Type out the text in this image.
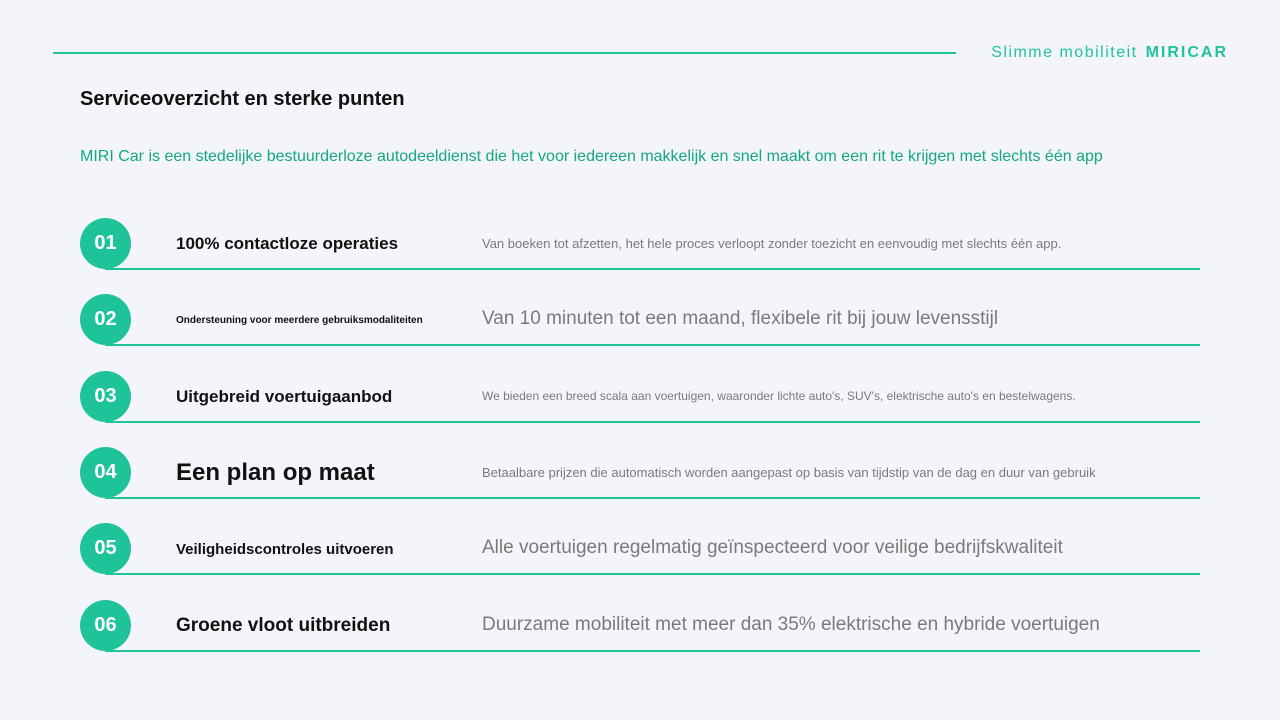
Slimme mobiliteit MIRICAR
Serviceoverzicht en sterke punten
MIRI Car is een stedelijke bestuurderloze autodeeldienst die het voor iedereen makkelijk en snel maakt om een rit te krijgen met slechts één app
01	100% contactloze operaties	Van boeken tot afzetten, het hele proces verloopt zonder toezicht en eenvoudig met slechts één app.
02	Ondersteuning voor meerdere gebruiksmodaliteiten	Van 10 minuten tot een maand, flexibele rit bij jouw levensstijl
03	Uitgebreid voertuigaanbod	We bieden een breed scala aan voertuigen, waaronder lichte auto's, SUV's, elektrische auto's en bestelwagens.
04	Een plan op maat	Betaalbare prijzen die automatisch worden aangepast op basis van tijdstip van de dag en duur van gebruik
05	Veiligheidscontroles uitvoeren	Alle voertuigen regelmatig geïnspecteerd voor veilige bedrijfskwaliteit
06	Groene vloot uitbreiden	Duurzame mobiliteit met meer dan 35% elektrische en hybride voertuigen
